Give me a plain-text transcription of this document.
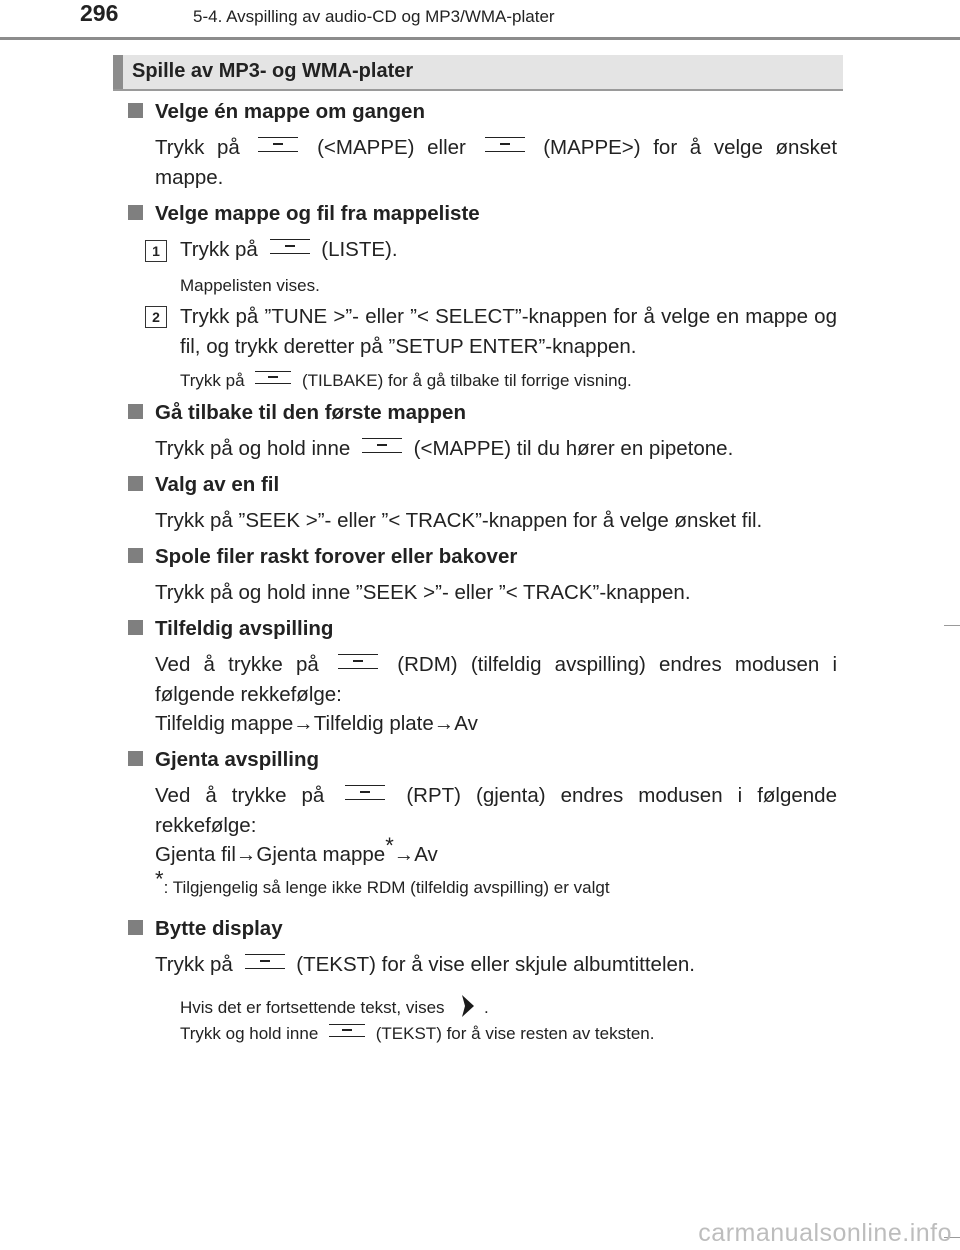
296	5-4. Avspilling av audio-CD og MP3/WMA-plater
Spille av MP3- og WMA-plater
Velge én mappe om gangen
Trykk på	(<MAPPE) eller	(MAPPE>) for å velge ønsket mappe.
Velge mappe og fil fra mappeliste
1 Trykk på	(LISTE).
Mappelisten vises.
2 Trykk på ”TUNE >”- eller ”< SELECT”-knappen for å velge en mappe og fil, og trykk deretter på ”SETUP ENTER”-knappen.
Trykk på	(TILBAKE) for å gå tilbake til forrige visning.
Gå tilbake til den første mappen
Trykk på og hold inne	(<MAPPE) til du hører en pipetone.
Valg av en fil
Trykk på ”SEEK >”- eller ”< TRACK”-knappen for å velge ønsket fil.
Spole filer raskt forover eller bakover
Trykk på og hold inne ”SEEK >”- eller ”< TRACK”-knappen.
Tilfeldig avspilling
Ved å trykke på	(RDM) (tilfeldig avspilling) endres modusen i følgende rekkefølge:
Tilfeldig mappe→Tilfeldig plate→Av
Gjenta avspilling
Ved å trykke på	(RPT) (gjenta) endres modusen i følgende rekkefølge:
Gjenta fil→Gjenta mappe*→Av
*: Tilgjengelig så lenge ikke RDM (tilfeldig avspilling) er valgt
Bytte display
Trykk på	(TEKST) for å vise eller skjule albumtittelen.
Hvis det er fortsettende tekst, vises .
Trykk og hold inne	(TEKST) for å vise resten av teksten.
carmanualsonline.info
